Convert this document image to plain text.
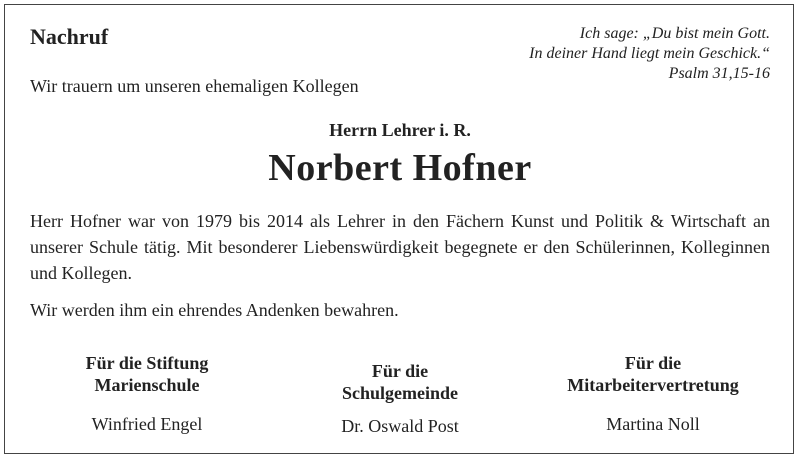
Nachruf
Wir trauern um unseren ehemaligen Kollegen
Ich sage: „Du bist mein Gott.
In deiner Hand liegt mein Geschick.“
Psalm 31,15-16
Herrn Lehrer i. R.
Norbert Hofner

Herr Hofner war von 1979 bis 2014 als Lehrer in den Fächern Kunst und Politik & Wirtschaft an unserer Schule tätig. Mit besonderer Liebenswürdigkeit begegnete er den Schülerinnen, Kolleginnen und Kollegen.

Wir werden ihm ein ehrendes Andenken bewahren.

Für die Stiftung
Marienschule
Winfried Engel
Für die
Schulgemeinde
Dr. Oswald Post
Für die
Mitarbeitervertretung
Martina Noll
